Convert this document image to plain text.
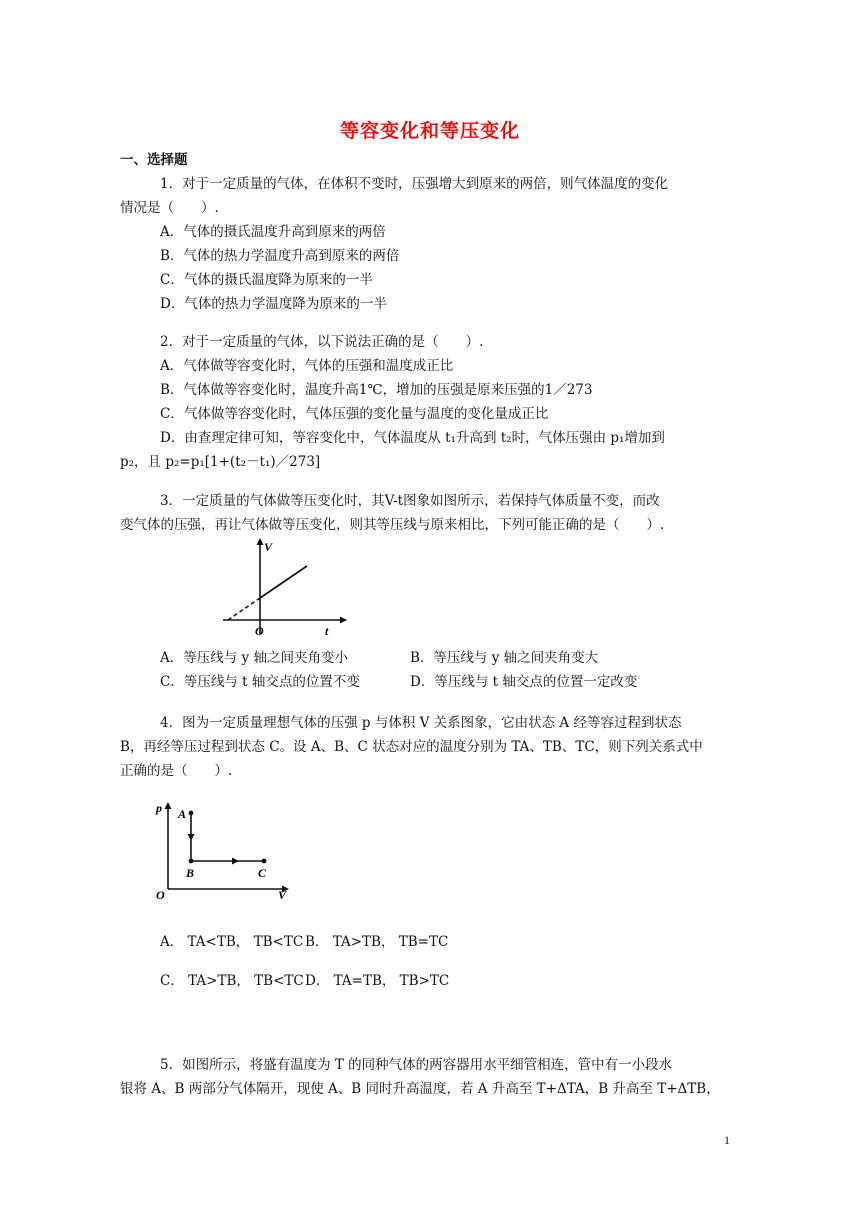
等容变化和等压变化
一、选择题
1．对于一定质量的气体，在体积不变时，压强增大到原来的两倍，则气体温度的变化
情况是（　　）.
A．气体的摄氏温度升高到原来的两倍
B．气体的热力学温度升高到原来的两倍
C．气体的摄氏温度降为原来的一半
D．气体的热力学温度降为原来的一半
2．对于一定质量的气体，以下说法正确的是（　　）.
A．气体做等容变化时，气体的压强和温度成正比
B．气体做等容变化时，温度升高1℃，增加的压强是原来压强的1／273
C．气体做等容变化时，气体压强的变化量与温度的变化量成正比
D．由查理定律可知，等容变化中，气体温度从 t₁升高到 t₂时，气体压强由 p₁增加到
p₂，且 p₂=p₁[1+(t₂－t₁)／273]
3．一定质量的气体做等压变化时，其V-t图象如图所示，若保持气体质量不变，而改
变气体的压强，再让气体做等压变化，则其等压线与原来相比，下列可能正确的是（　　）.
V
O	t
A．等压线与 y 轴之间夹角变小	B．等压线与 y 轴之间夹角变大
C．等压线与 t 轴交点的位置不变	D．等压线与 t 轴交点的位置一定改变
4．图为一定质量理想气体的压强 p 与体积 V 关系图象，它由状态 A 经等容过程到状态
B，再经等压过程到状态 C。设 A、B、C 状态对应的温度分别为 TA、TB、TC，则下列关系式中
正确的是（　　）.
p A
B	C
O	V
A． TA<TB， TB<TC B． TA>TB， TB=TC
C． TA>TB， TB<TC D． TA=TB， TB>TC
5．如图所示，将盛有温度为 T 的同种气体的两容器用水平细管相连，管中有一小段水
银将 A、B 两部分气体隔开，现使 A、B 同时升高温度，若 A 升高至 T+ΔTA，B 升高至 T+ΔTB，
1
